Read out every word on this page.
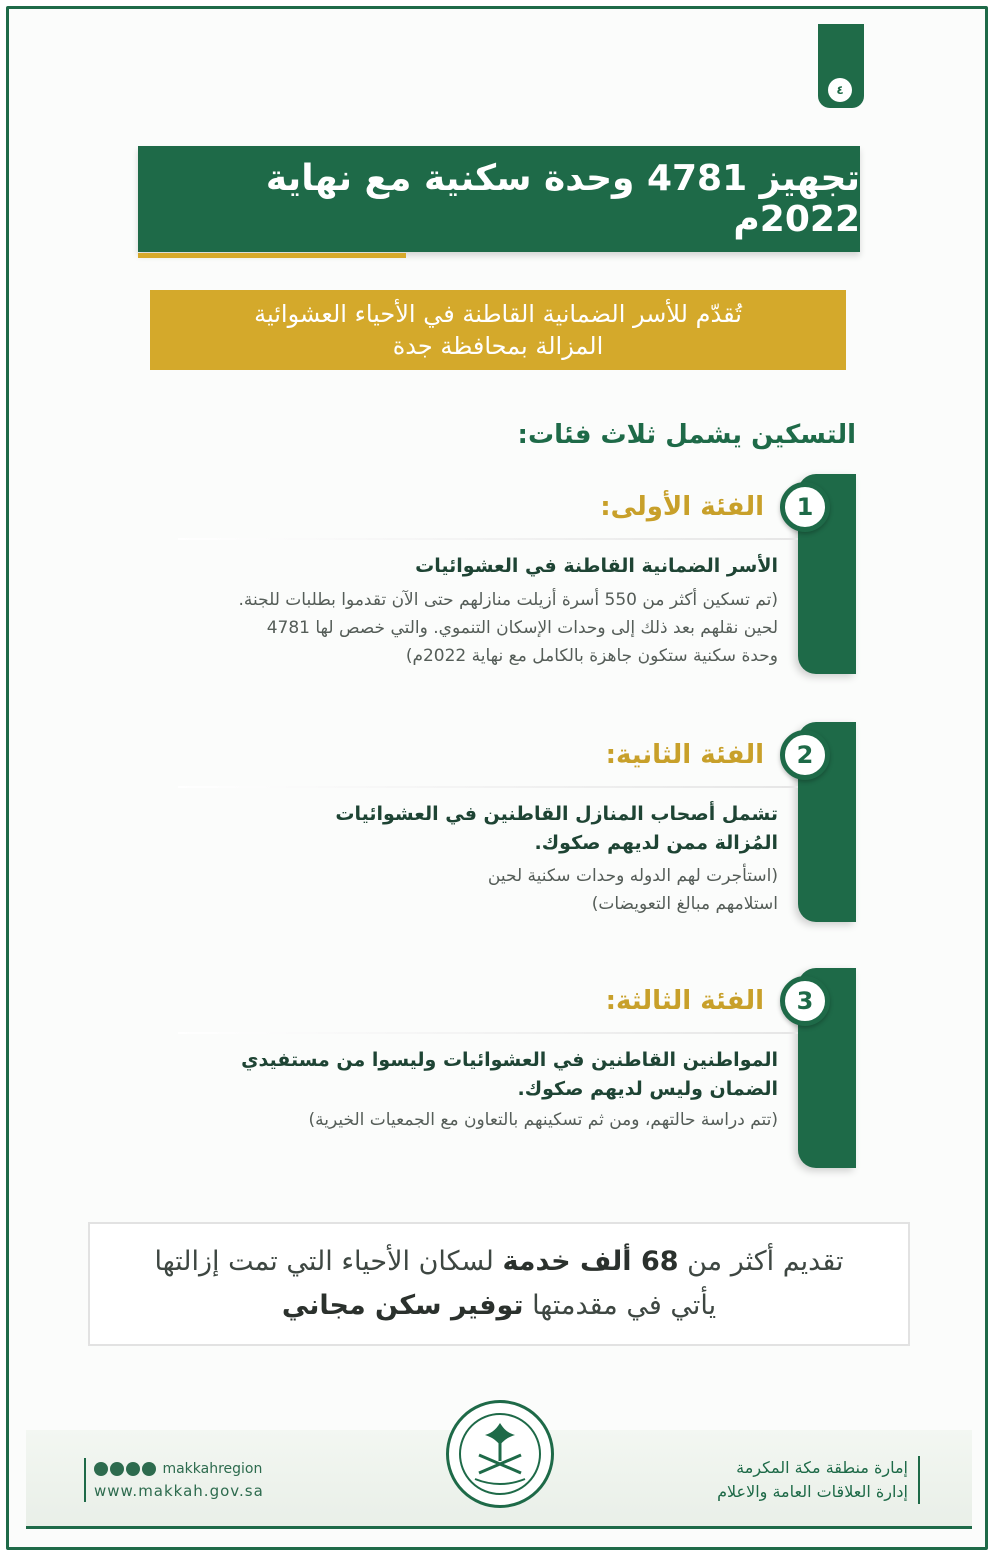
٤
تجهيز 4781 وحدة سكنية مع نهاية 2022م
تُقدّم للأسر الضمانية القاطنة في الأحياء العشوائية
المزالة بمحافظة جدة
التسكين يشمل ثلاث فئات:
1
الفئة الأولى:
الأسر الضمانية القاطنة في العشوائيات
(تم تسكين أكثر من 550 أسرة أزيلت منازلهم حتى الآن تقدموا بطلبات للجنة.
لحين نقلهم بعد ذلك إلى وحدات الإسكان التنموي. والتي خصص لها 4781
وحدة سكنية ستكون جاهزة بالكامل مع نهاية 2022م)
2
الفئة الثانية:
تشمل أصحاب المنازل القاطنين في العشوائيات المُزالة ممن لديهم صكوك.
(استأجرت لهم الدوله وحدات سكنية لحين
استلامهم مبالغ التعويضات)
3
الفئة الثالثة:
المواطنين القاطنين في العشوائيات وليسوا من مستفيدي الضمان وليس لديهم صكوك.
(تتم دراسة حالتهم، ومن ثم تسكينهم بالتعاون مع الجمعيات الخيرية)
تقديم أكثر من 68 ألف خدمة لسكان الأحياء التي تمت إزالتها
يأتي في مقدمتها توفير سكن مجاني
إمارة منطقة مكة المكرمة
إدارة العلاقات العامة والاعلام
makkahregion
www.makkah.gov.sa
